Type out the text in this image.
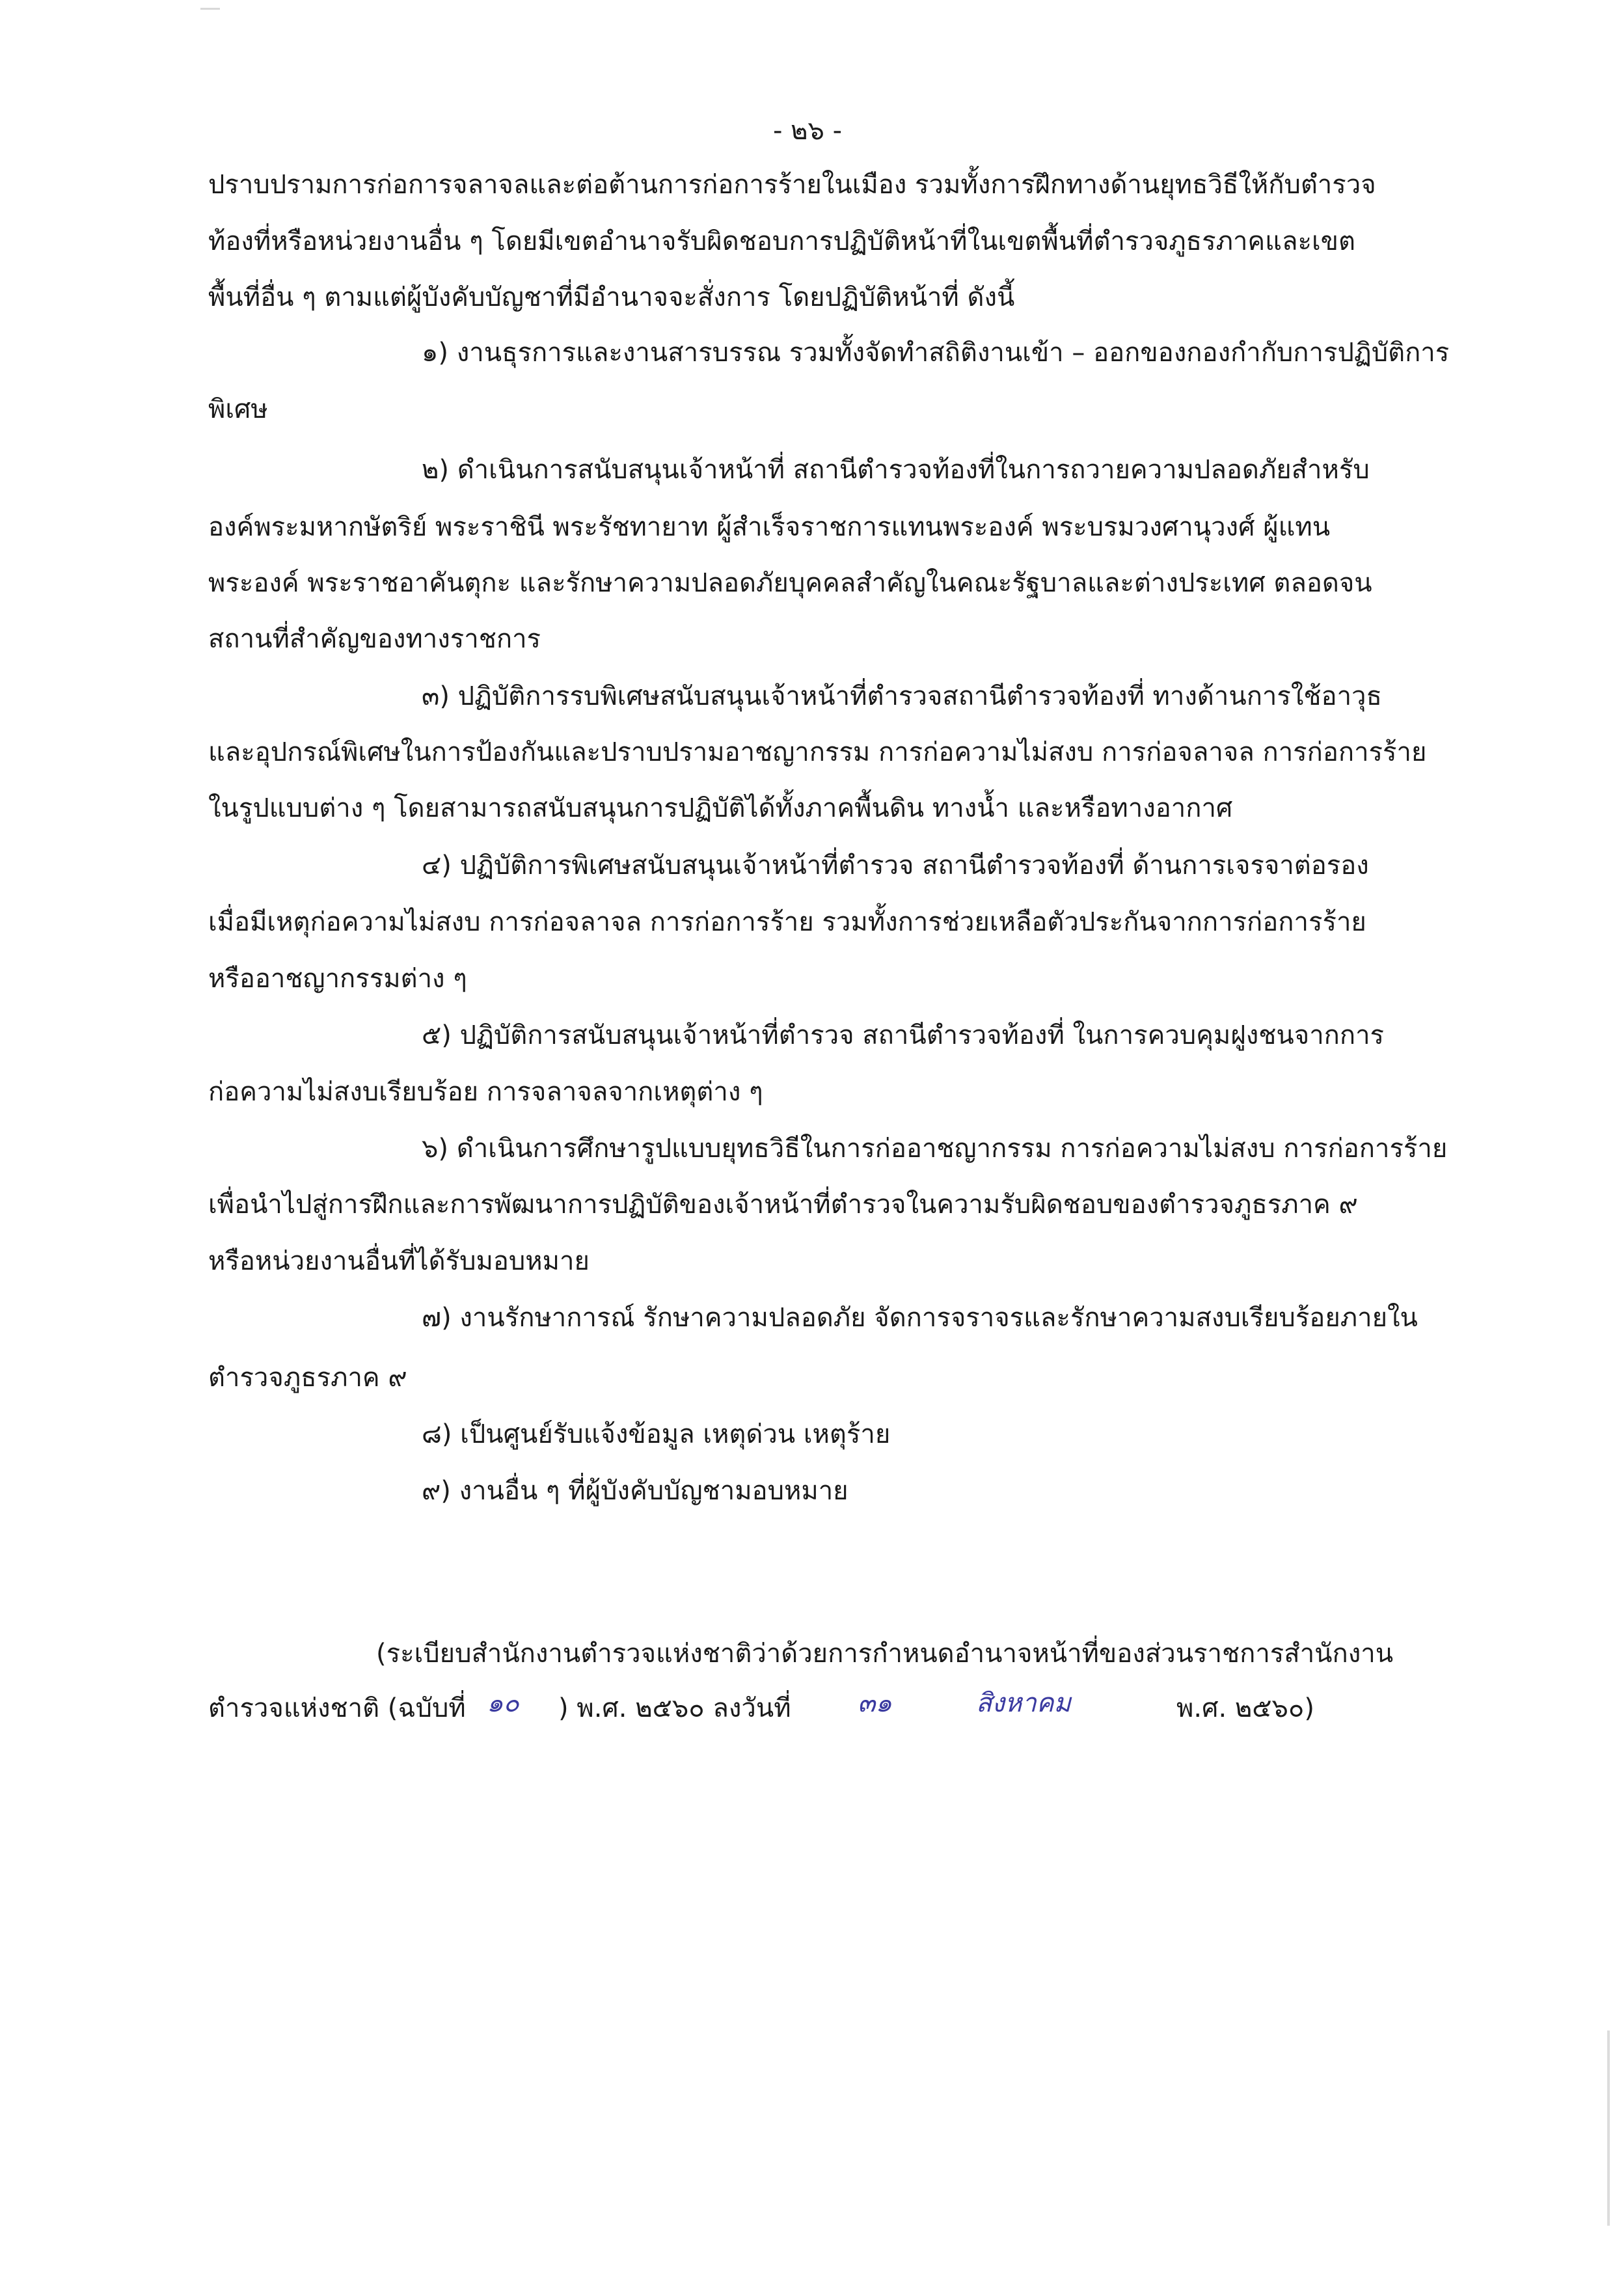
- ๒๖ -
ปราบปรามการก่อการจลาจลและต่อต้านการก่อการร้ายในเมือง รวมทั้งการฝึกทางด้านยุทธวิธีให้กับตำรวจ
ท้องที่หรือหน่วยงานอื่น ๆ โดยมีเขตอำนาจรับผิดชอบการปฏิบัติหน้าที่ในเขตพื้นที่ตำรวจภูธรภาคและเขต
พื้นที่อื่น ๆ ตามแต่ผู้บังคับบัญชาที่มีอำนาจจะสั่งการ โดยปฏิบัติหน้าที่ ดังนี้
๑) งานธุรการและงานสารบรรณ รวมทั้งจัดทำสถิติงานเข้า – ออกของกองกำกับการปฏิบัติการ
พิเศษ
๒) ดำเนินการสนับสนุนเจ้าหน้าที่ สถานีตำรวจท้องที่ในการถวายความปลอดภัยสำหรับ
องค์พระมหากษัตริย์ พระราชินี พระรัชทายาท ผู้สำเร็จราชการแทนพระองค์ พระบรมวงศานุวงศ์ ผู้แทน
พระองค์ พระราชอาคันตุกะ และรักษาความปลอดภัยบุคคลสำคัญในคณะรัฐบาลและต่างประเทศ ตลอดจน
สถานที่สำคัญของทางราชการ
๓) ปฏิบัติการรบพิเศษสนับสนุนเจ้าหน้าที่ตำรวจสถานีตำรวจท้องที่ ทางด้านการใช้อาวุธ
และอุปกรณ์พิเศษในการป้องกันและปราบปรามอาชญากรรม การก่อความไม่สงบ การก่อจลาจล การก่อการร้าย
ในรูปแบบต่าง ๆ โดยสามารถสนับสนุนการปฏิบัติได้ทั้งภาคพื้นดิน ทางน้ำ และหรือทางอากาศ
๔) ปฏิบัติการพิเศษสนับสนุนเจ้าหน้าที่ตำรวจ สถานีตำรวจท้องที่ ด้านการเจรจาต่อรอง
เมื่อมีเหตุก่อความไม่สงบ การก่อจลาจล การก่อการร้าย รวมทั้งการช่วยเหลือตัวประกันจากการก่อการร้าย
หรืออาชญากรรมต่าง ๆ
๕) ปฏิบัติการสนับสนุนเจ้าหน้าที่ตำรวจ สถานีตำรวจท้องที่ ในการควบคุมฝูงชนจากการ
ก่อความไม่สงบเรียบร้อย การจลาจลจากเหตุต่าง ๆ
๖) ดำเนินการศึกษารูปแบบยุทธวิธีในการก่ออาชญากรรม การก่อความไม่สงบ การก่อการร้าย
เพื่อนำไปสู่การฝึกและการพัฒนาการปฏิบัติของเจ้าหน้าที่ตำรวจในความรับผิดชอบของตำรวจภูธรภาค ๙
หรือหน่วยงานอื่นที่ได้รับมอบหมาย
๗) งานรักษาการณ์ รักษาความปลอดภัย จัดการจราจรและรักษาความสงบเรียบร้อยภายใน
ตำรวจภูธรภาค ๙
๘) เป็นศูนย์รับแจ้งข้อมูล เหตุด่วน เหตุร้าย
๙) งานอื่น ๆ ที่ผู้บังคับบัญชามอบหมาย
(ระเบียบสำนักงานตำรวจแห่งชาติว่าด้วยการกำหนดอำนาจหน้าที่ของส่วนราชการสำนักงาน
ตำรวจแห่งชาติ (ฉบับที่ ๑๐ ) พ.ศ. ๒๕๖๐ ลงวันที่	๓๑	สิงหาคม	พ.ศ. ๒๕๖๐)
